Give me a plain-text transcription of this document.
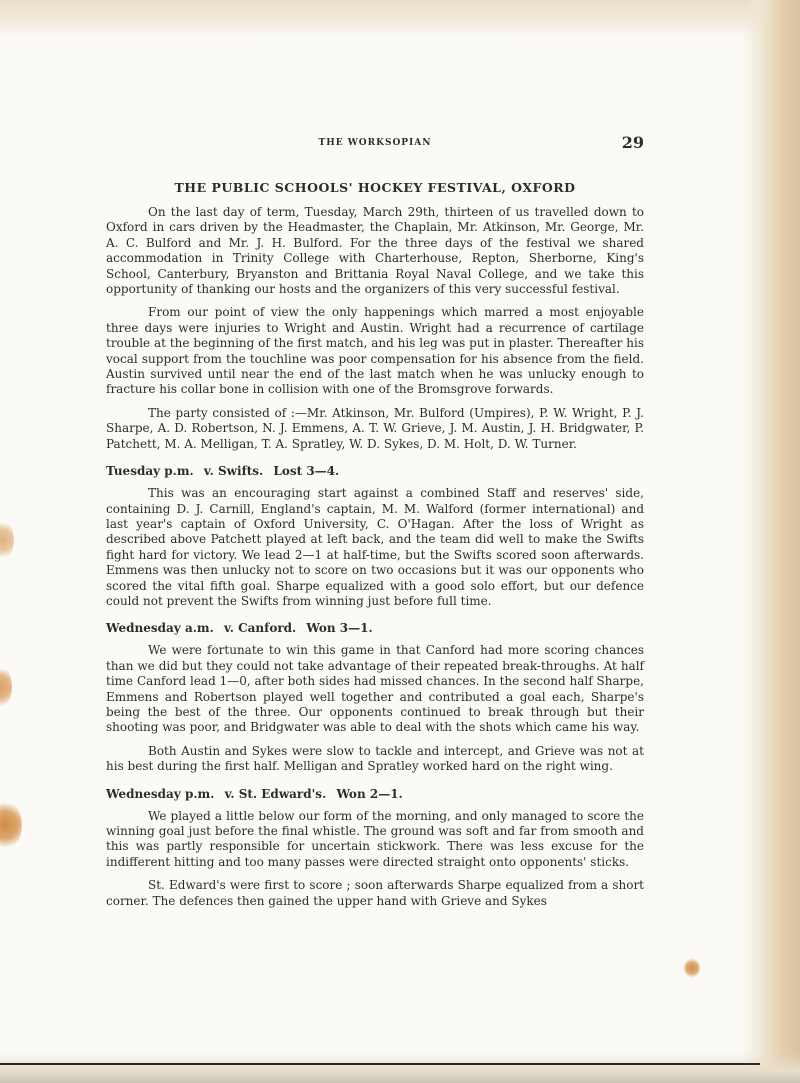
THE WORKSOPIAN	29
THE PUBLIC SCHOOLS' HOCKEY FESTIVAL, OXFORD

On the last day of term, Tuesday, March 29th, thirteen of us travelled down to Oxford in cars driven by the Headmaster, the Chaplain, Mr. Atkinson, Mr. George, Mr. A. C. Bulford and Mr. J. H. Bulford. For the three days of the festival we shared accommodation in Trinity College with Charterhouse, Repton, Sherborne, King's School, Canterbury, Bryanston and Brittania Royal Naval College, and we take this opportunity of thanking our hosts and the organizers of this very successful festival.

From our point of view the only happenings which marred a most enjoyable three days were injuries to Wright and Austin. Wright had a recurrence of cartilage trouble at the beginning of the first match, and his leg was put in plaster. Thereafter his vocal support from the touchline was poor compensation for his absence from the field. Austin survived until near the end of the last match when he was unlucky enough to fracture his collar bone in collision with one of the Bromsgrove forwards.

The party consisted of :—Mr. Atkinson, Mr. Bulford (Umpires), P. W. Wright, P. J. Sharpe, A. D. Robertson, N. J. Emmens, A. T. W. Grieve, J. M. Austin, J. H. Bridgwater, P. Patchett, M. A. Melligan, T. A. Spratley, W. D. Sykes, D. M. Holt, D. W. Turner.

Tuesday p.m. v. Swifts. Lost 3—4.

This was an encouraging start against a combined Staff and reserves' side, containing D. J. Carnill, England's captain, M. M. Walford (former international) and last year's captain of Oxford University, C. O'Hagan. After the loss of Wright as described above Patchett played at left back, and the team did well to make the Swifts fight hard for victory. We lead 2—1 at half-time, but the Swifts scored soon afterwards. Emmens was then unlucky not to score on two occasions but it was our opponents who scored the vital fifth goal. Sharpe equalized with a good solo effort, but our defence could not prevent the Swifts from winning just before full time.

Wednesday a.m. v. Canford. Won 3—1.

We were fortunate to win this game in that Canford had more scoring chances than we did but they could not take advantage of their repeated break-throughs. At half time Canford lead 1—0, after both sides had missed chances. In the second half Sharpe, Emmens and Robertson played well together and contributed a goal each, Sharpe's being the best of the three. Our opponents continued to break through but their shooting was poor, and Bridgwater was able to deal with the shots which came his way.

Both Austin and Sykes were slow to tackle and intercept, and Grieve was not at his best during the first half. Melligan and Spratley worked hard on the right wing.

Wednesday p.m. v. St. Edward's. Won 2—1.

We played a little below our form of the morning, and only managed to score the winning goal just before the final whistle. The ground was soft and far from smooth and this was partly responsible for uncertain stickwork. There was less excuse for the indifferent hitting and too many passes were directed straight onto opponents' sticks.

St. Edward's were first to score ; soon afterwards Sharpe equalized from a short corner. The defences then gained the upper hand with Grieve and Sykes
